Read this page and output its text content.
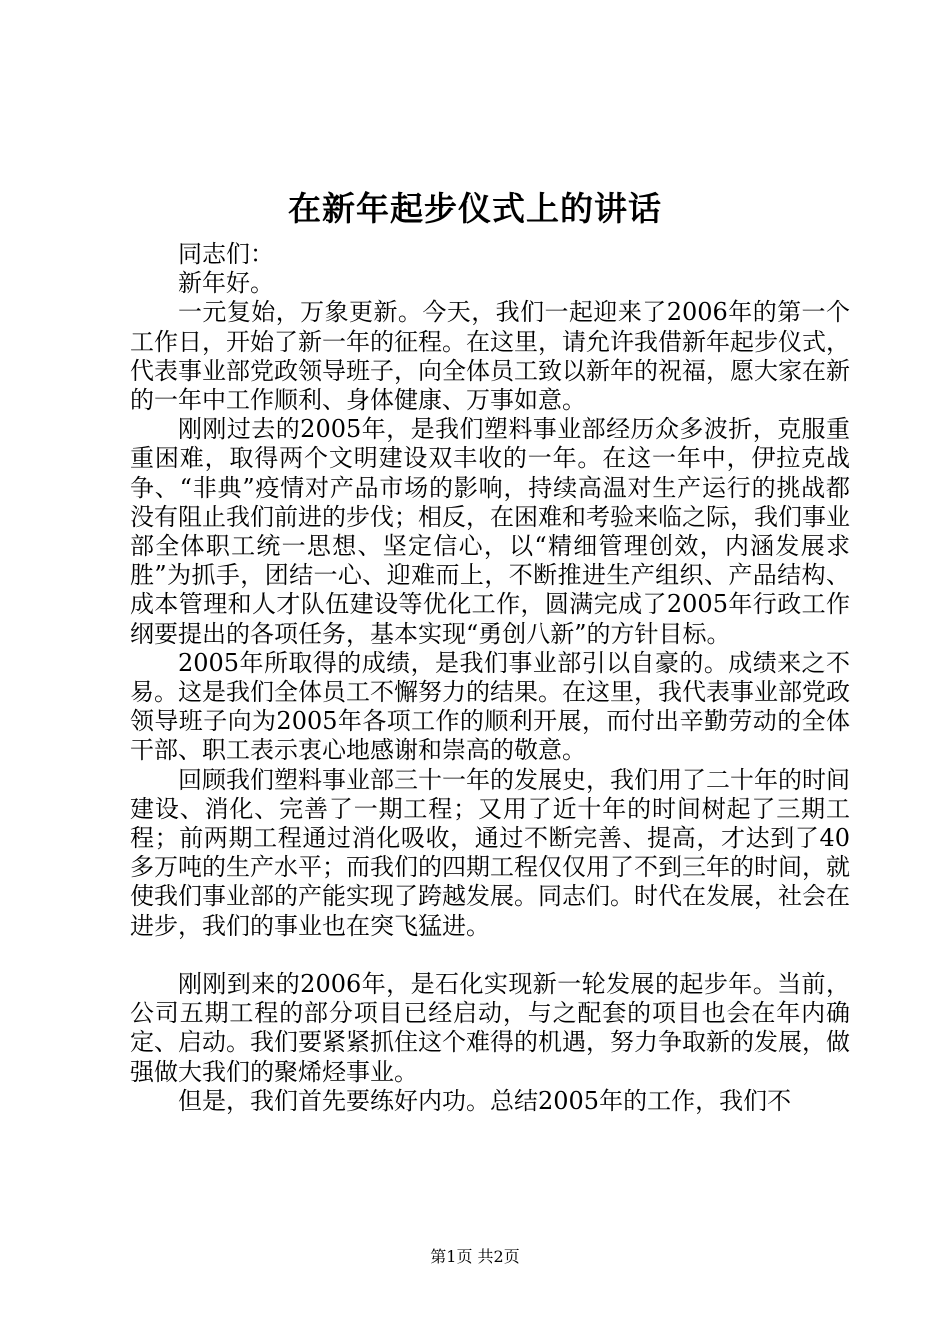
在新年起步仪式上的讲话

同志们：

新年好。

一元复始，万象更新。今天，我们一起迎来了2006年的第一个工作日，开始了新一年的征程。在这里，请允许我借新年起步仪式，代表事业部党政领导班子，向全体员工致以新年的祝福，愿大家在新的一年中工作顺利、身体健康、万事如意。

刚刚过去的2005年，是我们塑料事业部经历众多波折，克服重重困难，取得两个文明建设双丰收的一年。在这一年中，伊拉克战争、“非典”疫情对产品市场的影响，持续高温对生产运行的挑战都没有阻止我们前进的步伐；相反，在困难和考验来临之际，我们事业部全体职工统一思想、坚定信心，以“精细管理创效，内涵发展求胜”为抓手，团结一心、迎难而上，不断推进生产组织、产品结构、成本管理和人才队伍建设等优化工作，圆满完成了2005年行政工作纲要提出的各项任务，基本实现“勇创八新”的方针目标。

2005年所取得的成绩，是我们事业部引以自豪的。成绩来之不易。这是我们全体员工不懈努力的结果。在这里，我代表事业部党政领导班子向为2005年各项工作的顺利开展，而付出辛勤劳动的全体干部、职工表示衷心地感谢和崇高的敬意。

回顾我们塑料事业部三十一年的发展史，我们用了二十年的时间建设、消化、完善了一期工程；又用了近十年的时间树起了三期工程；前两期工程通过消化吸收，通过不断完善、提高，才达到了40多万吨的生产水平；而我们的四期工程仅仅用了不到三年的时间，就使我们事业部的产能实现了跨越发展。同志们。时代在发展，社会在进步，我们的事业也在突飞猛进。

刚刚到来的2006年，是石化实现新一轮发展的起步年。当前，公司五期工程的部分项目已经启动，与之配套的项目也会在年内确定、启动。我们要紧紧抓住这个难得的机遇，努力争取新的发展，做强做大我们的聚烯烃事业。

但是，我们首先要练好内功。总结2005年的工作，我们不

第1页 共2页
